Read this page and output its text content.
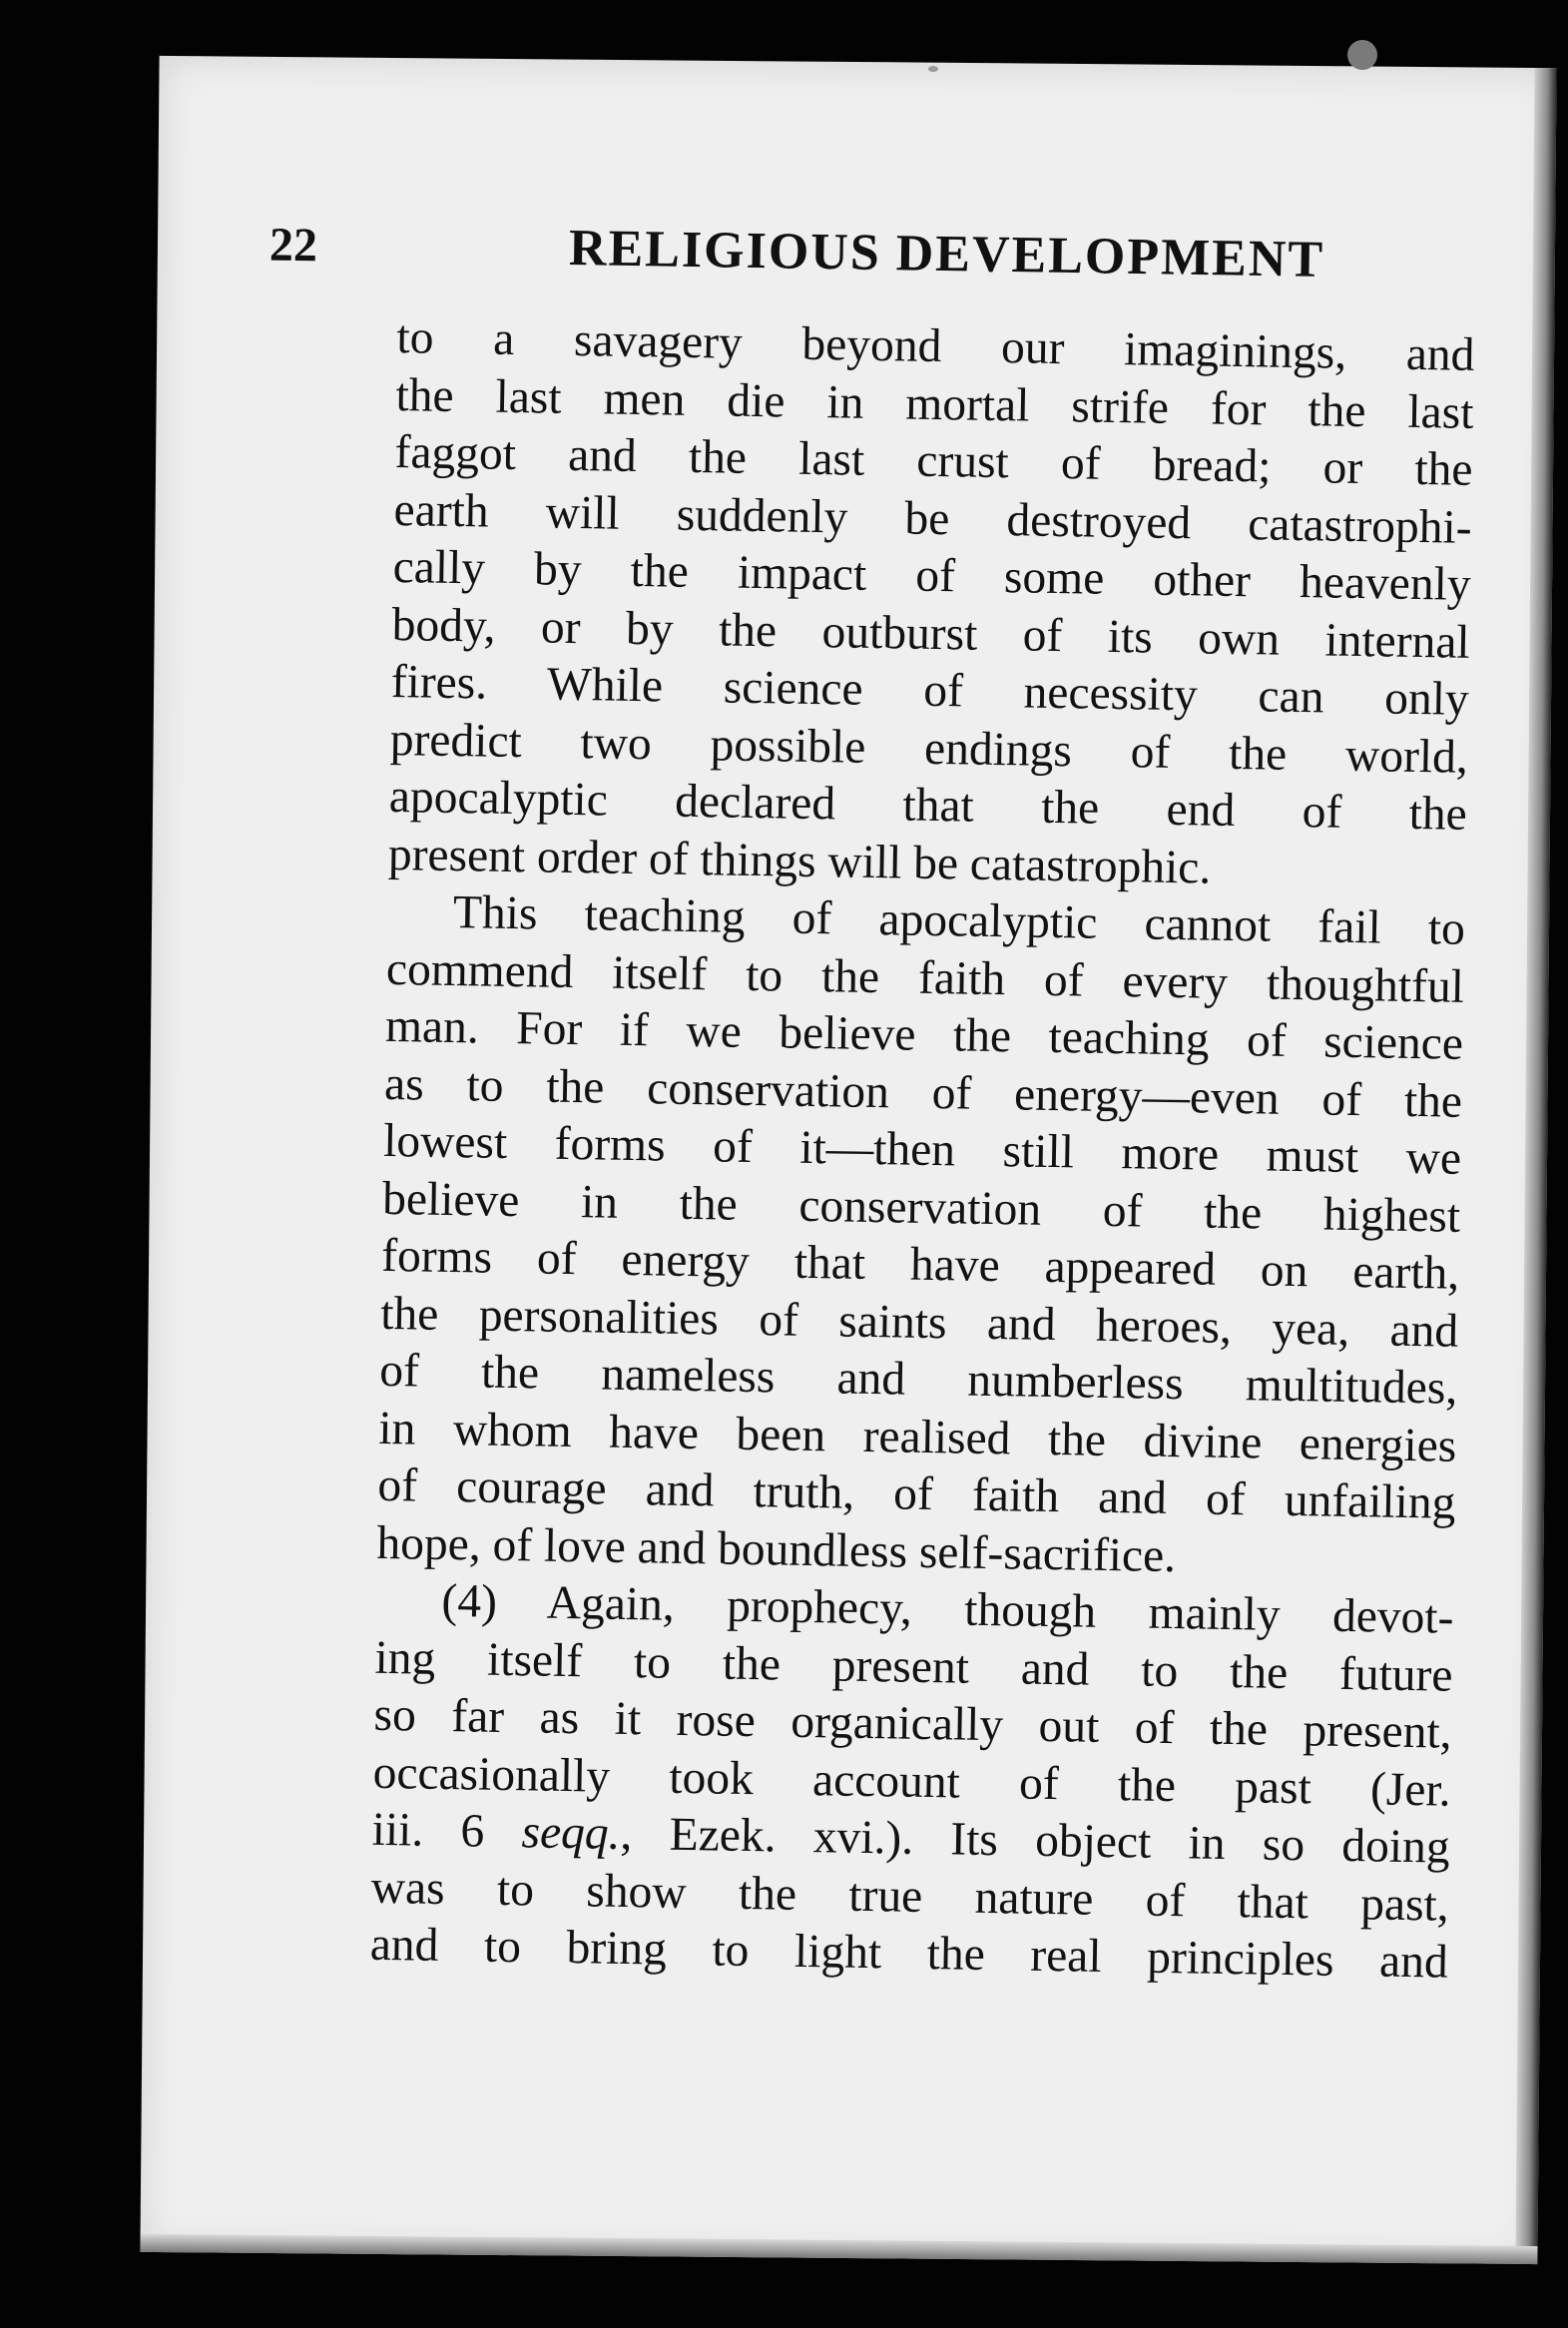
22	RELIGIOUS DEVELOPMENT
to a savagery beyond our imaginings, and
the last men die in mortal strife for the last
faggot and the last crust of bread; or the
earth will suddenly be destroyed catastrophi-
cally by the impact of some other heavenly
body, or by the outburst of its own internal
fires. While science of necessity can only
predict two possible endings of the world,
apocalyptic declared that the end of the
present order of things will be catastrophic.
This teaching of apocalyptic cannot fail to
commend itself to the faith of every thoughtful
man. For if we believe the teaching of science
as to the conservation of energy—even of the
lowest forms of it—then still more must we
believe in the conservation of the highest
forms of energy that have appeared on earth,
the personalities of saints and heroes, yea, and
of the nameless and numberless multitudes,
in whom have been realised the divine energies
of courage and truth, of faith and of unfailing
hope, of love and boundless self-sacrifice.
(4) Again, prophecy, though mainly devot-
ing itself to the present and to the future
so far as it rose organically out of the present,
occasionally took account of the past (Jer.
iii. 6 seqq., Ezek. xvi.). Its object in so doing
was to show the true nature of that past,
and to bring to light the real principles and
